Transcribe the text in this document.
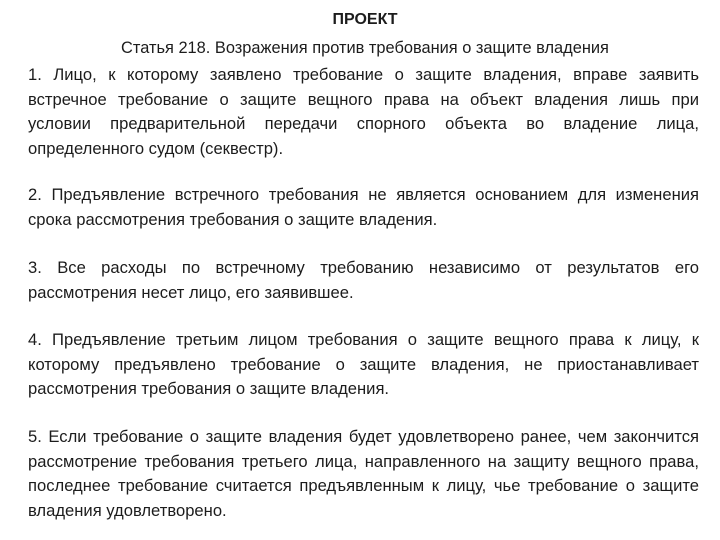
ПРОЕКТ
Статья 218. Возражения против требования о защите владения

1. Лицо, к которому заявлено требование о защите владения, вправе заявить встречное требование о защите вещного права на объект владения лишь при условии предварительной передачи спорного объекта во владение лица, определенного судом (секвестр).

2. Предъявление встречного требования не является основанием для изменения срока рассмотрения требования о защите владения.

3. Все расходы по встречному требованию независимо от результатов его рассмотрения несет лицо, его заявившее.

4. Предъявление третьим лицом требования о защите вещного права к лицу, к которому предъявлено требование о защите владения, не приостанавливает рассмотрения требования о защите владения.

5. Если требование о защите владения будет удовлетворено ранее, чем закончится рассмотрение требования третьего лица, направленного на защиту вещного права, последнее требование считается предъявленным к лицу, чье требование о защите владения удовлетворено.
